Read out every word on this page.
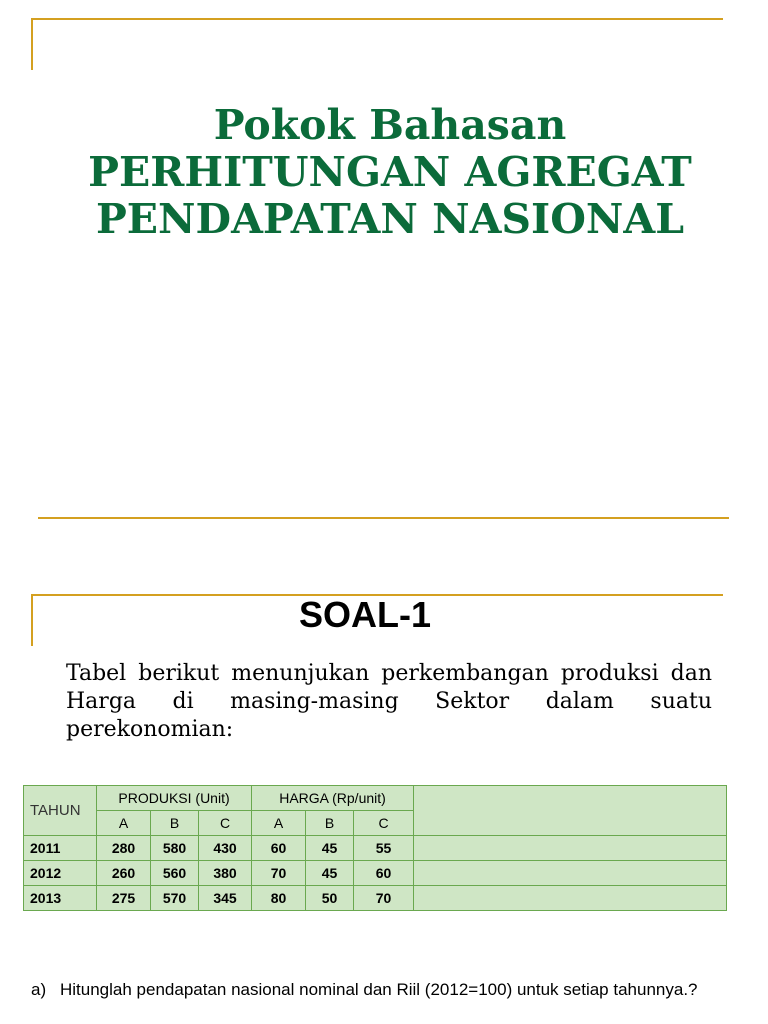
Pokok Bahasan
PERHITUNGAN AGREGAT
PENDAPATAN NASIONAL
SOAL-1
Tabel berikut menunjukan perkembangan produksi dan Harga di masing-masing Sektor dalam suatu perekonomian:
TAHUN	PRODUKSI (Unit)			HARGA (Rp/unit)			
	A	B	C	A	B	C	
2011	280	580	430	60	45	55	
2012	260	560	380	70	45	60	
2013	275	570	345	80	50	70	
a) Hitunglah pendapatan nasional nominal dan Riil (2012=100) untuk setiap tahunnya.?
